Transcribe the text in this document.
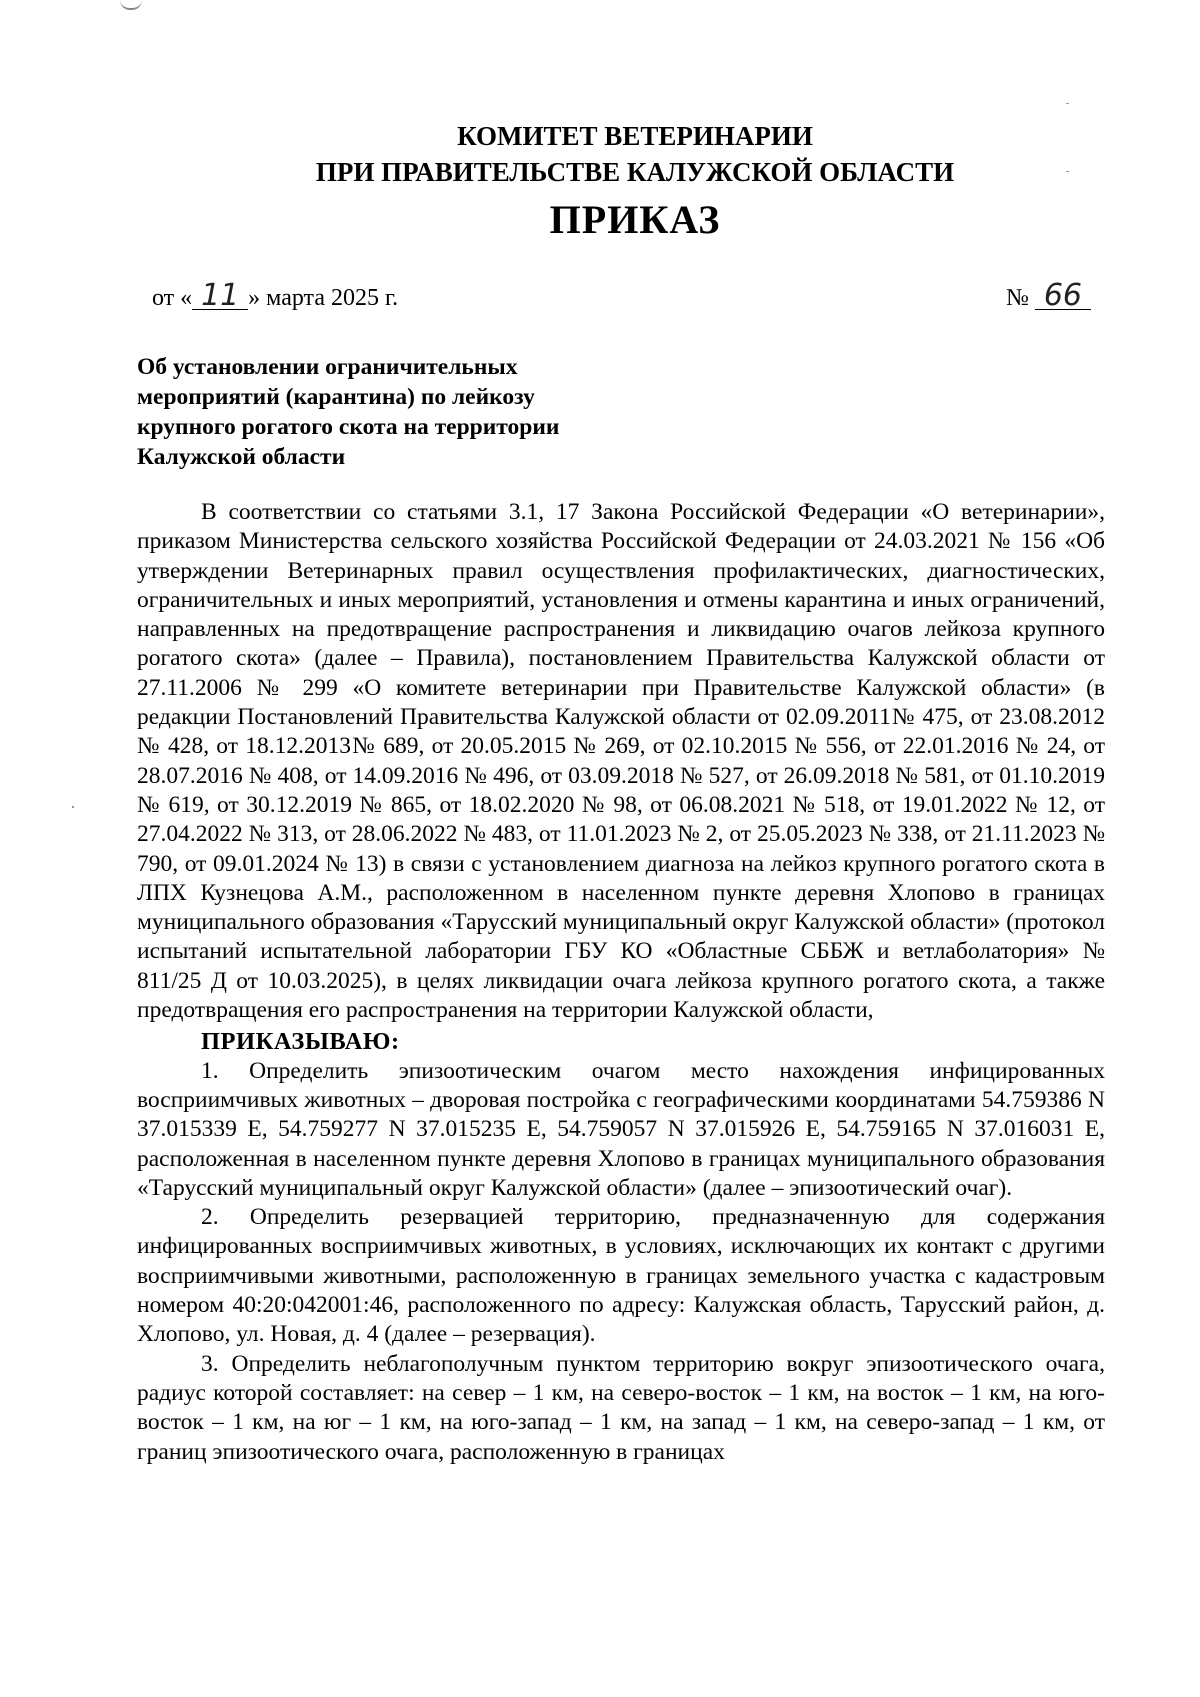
КОМИТЕТ ВЕТЕРИНАРИИ
ПРИ ПРАВИТЕЛЬСТВЕ КАЛУЖСКОЙ ОБЛАСТИ
ПРИКАЗ
от « 11 » марта 2025 г.	№ 66
Об установлении ограничительных
мероприятий (карантина) по лейкозу
крупного рогатого скота на территории
Калужской области

В соответствии со статьями 3.1, 17 Закона Российской Федерации «О ветеринарии», приказом Министерства сельского хозяйства Российской Федерации от 24.03.2021 № 156 «Об утверждении Ветеринарных правил осуществления профилактических, диагностических, ограничительных и иных мероприятий, установления и отмены карантина и иных ограничений, направленных на предотвращение распространения и ликвидацию очагов лейкоза крупного рогатого скота» (далее – Правила), постановлением Правительства Калужской области от 27.11.2006 № 299 «О комитете ветеринарии при Правительстве Калужской области» (в редакции Постановлений Правительства Калужской области от 02.09.2011№ 475, от 23.08.2012 № 428, от 18.12.2013№ 689, от 20.05.2015 № 269, от 02.10.2015 № 556, от 22.01.2016 № 24, от 28.07.2016 № 408, от 14.09.2016 № 496, от 03.09.2018 № 527, от 26.09.2018 № 581, от 01.10.2019 № 619, от 30.12.2019 № 865, от 18.02.2020 № 98, от 06.08.2021 № 518, от 19.01.2022 № 12, от 27.04.2022 № 313, от 28.06.2022 № 483, от 11.01.2023 № 2, от 25.05.2023 № 338, от 21.11.2023 № 790, от 09.01.2024 № 13) в связи с установлением диагноза на лейкоз крупного рогатого скота в ЛПХ Кузнецова А.М., расположенном в населенном пункте деревня Хлопово в границах муниципального образования «Тарусский муниципальный округ Калужской области» (протокол испытаний испытательной лаборатории ГБУ КО «Областные СББЖ и ветлаболатория» № 811/25 Д от 10.03.2025), в целях ликвидации очага лейкоза крупного рогатого скота, а также предотвращения его распространения на территории Калужской области,

ПРИКАЗЫВАЮ:

1. Определить эпизоотическим очагом место нахождения инфицированных восприимчивых животных – дворовая постройка с географическими координатами 54.759386 N 37.015339 E, 54.759277 N 37.015235 E, 54.759057 N 37.015926 E, 54.759165 N 37.016031 E, расположенная в населенном пункте деревня Хлопово в границах муниципального образования «Тарусский муниципальный округ Калужской области» (далее – эпизоотический очаг).

2. Определить резервацией территорию, предназначенную для содержания инфицированных восприимчивых животных, в условиях, исключающих их контакт с другими восприимчивыми животными, расположенную в границах земельного участка с кадастровым номером 40:20:042001:46, расположенного по адресу: Калужская область, Тарусский район, д. Хлопово, ул. Новая, д. 4 (далее – резервация).

3. Определить неблагополучным пунктом территорию вокруг эпизоотического очага, радиус которой составляет: на север – 1 км, на северо-восток – 1 км, на восток – 1 км, на юго-восток – 1 км, на юг – 1 км, на юго-запад – 1 км, на запад – 1 км, на северо-запад – 1 км, от границ эпизоотического очага, расположенную в границах
